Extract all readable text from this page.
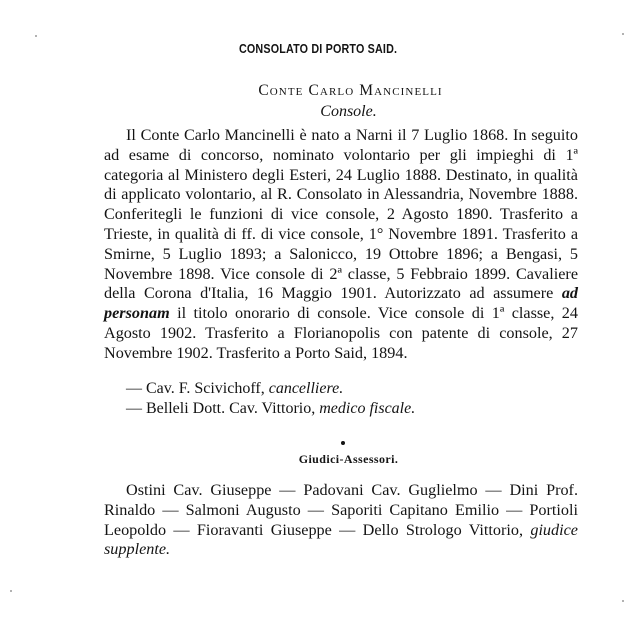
CONSOLATO DI PORTO SAID.
Conte Carlo Mancinelli
Console.

Il Conte Carlo Mancinelli è nato a Narni il 7 Luglio 1868. In seguito ad esame di concorso, nominato volontario per gli impieghi di 1ª categoria al Ministero degli Esteri, 24 Luglio 1888. Destinato, in qualità di applicato volontario, al R. Consolato in Alessandria, Novembre 1888. Conferitegli le funzioni di vice console, 2 Agosto 1890. Trasferito a Trieste, in qualità di ff. di vice console, 1° Novembre 1891. Trasferito a Smirne, 5 Luglio 1893; a Salonicco, 19 Ottobre 1896; a Bengasi, 5 Novembre 1898. Vice console di 2ª classe, 5 Febbraio 1899. Cavaliere della Corona d'Italia, 16 Maggio 1901. Autorizzato ad assumere ad personam il titolo onorario di console. Vice console di 1ª classe, 24 Agosto 1902. Trasferito a Florianopolis con patente di console, 27 Novembre 1902. Trasferito a Porto Said, 1894.

— Cav. F. Scivichoff, cancelliere.
— Belleli Dott. Cav. Vittorio, medico fiscale.
Giudici-Assessori.

Ostini Cav. Giuseppe — Padovani Cav. Guglielmo — Dini Prof. Rinaldo — Salmoni Augusto — Saporiti Capitano Emilio — Portioli Leopoldo — Fioravanti Giuseppe — Dello Strologo Vittorio, giudice supplente.
